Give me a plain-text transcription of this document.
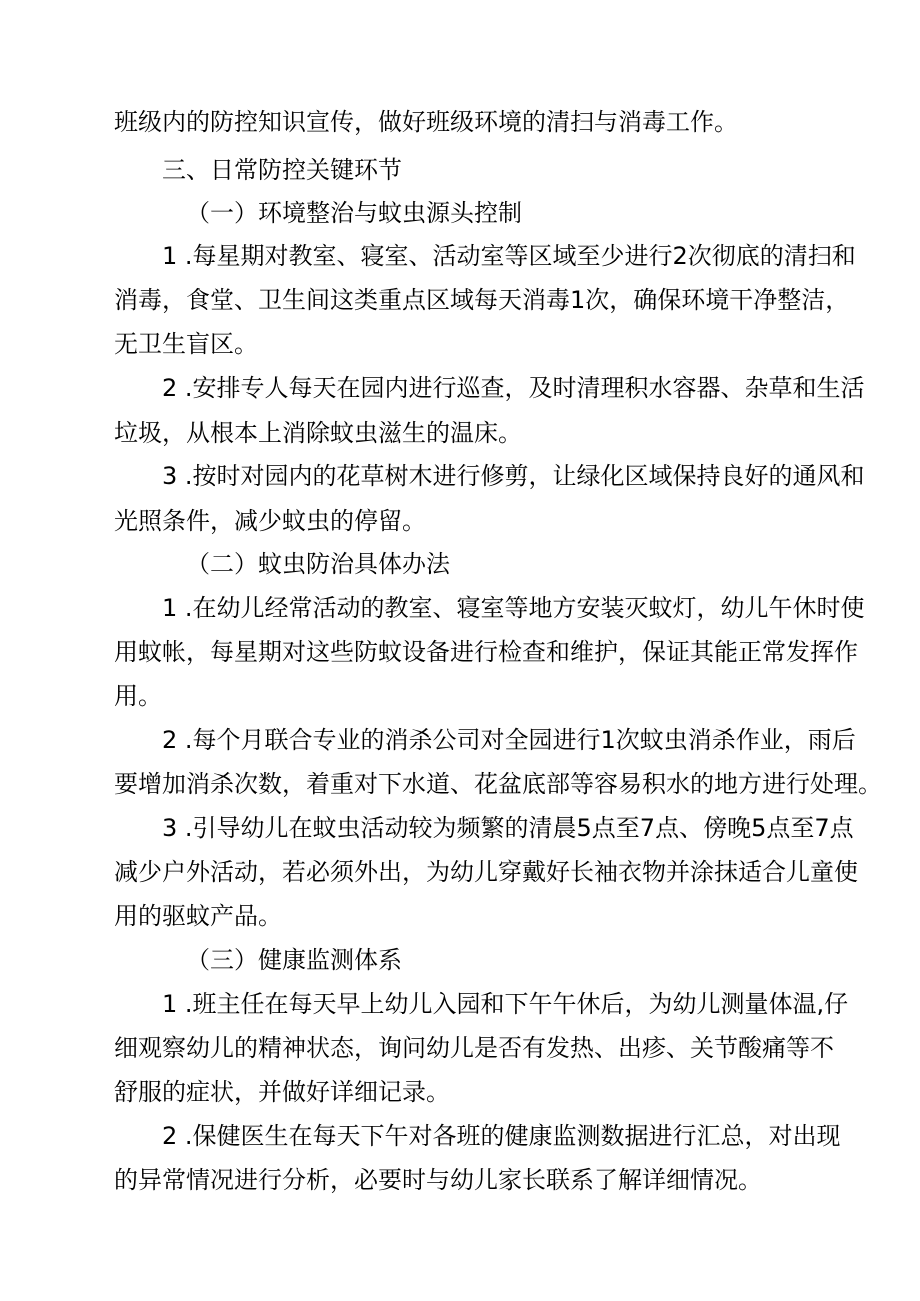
班级内的防控知识宣传，做好班级环境的清扫与消毒工作。
三、日常防控关键环节
（一）环境整治与蚊虫源头控制
1 .每星期对教室、寝室、活动室等区域至少进行2次彻底的清扫和
消毒，食堂、卫生间这类重点区域每天消毒1次，确保环境干净整洁，
无卫生盲区。
2 .安排专人每天在园内进行巡查，及时清理积水容器、杂草和生活
垃圾，从根本上消除蚊虫滋生的温床。
3 .按时对园内的花草树木进行修剪，让绿化区域保持良好的通风和
光照条件，减少蚊虫的停留。
（二）蚊虫防治具体办法
1 .在幼儿经常活动的教室、寝室等地方安装灭蚊灯，幼儿午休时使
用蚊帐，每星期对这些防蚊设备进行检查和维护，保证其能正常发挥作
用。
2 .每个月联合专业的消杀公司对全园进行1次蚊虫消杀作业，雨后
要增加消杀次数，着重对下水道、花盆底部等容易积水的地方进行处理。
3 .引导幼儿在蚊虫活动较为频繁的清晨5点至7点、傍晚5点至7点
减少户外活动，若必须外出，为幼儿穿戴好长袖衣物并涂抹适合儿童使
用的驱蚊产品。
（三）健康监测体系
1 .班主任在每天早上幼儿入园和下午午休后，为幼儿测量体温,仔
细观察幼儿的精神状态，询问幼儿是否有发热、出疹、关节酸痛等不
舒服的症状，并做好详细记录。
2 .保健医生在每天下午对各班的健康监测数据进行汇总，对出现
的异常情况进行分析，必要时与幼儿家长联系了解详细情况。
